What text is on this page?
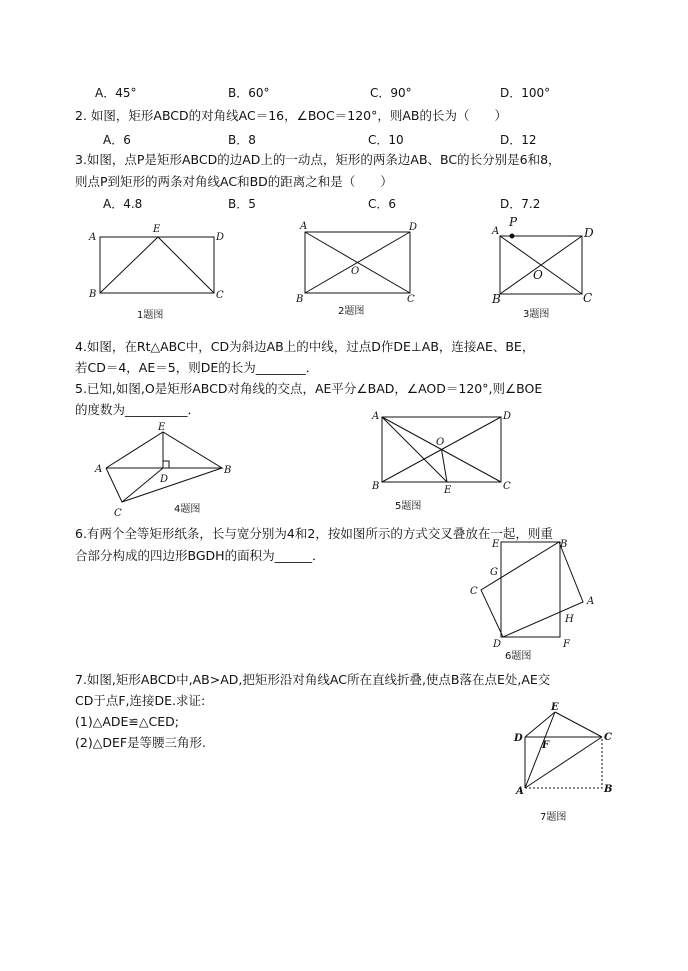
A．45°	B．60°	C．90°	D．100°
2. 如图，矩形ABCD的对角线AC＝16，∠BOC＝120°，则AB的长为（　　）
A．6	B．8	C．10	D．12
3.如图，点P是矩形ABCD的边AD上的一动点，矩形的两条边AB、BC的长分别是6和8，
则点P到矩形的两条对角线AC和BD的距离之和是（　　）
A．4.8	B．5	C．6	D．7.2
A
E
D
B	C
1题图
A	D
O
B	C
2题图
P
A	D
O
B	C
3题图
4.如图，在Rt△ABC中，CD为斜边AB上的中线，过点D作DE⊥AB，连接AE、BE，
若CD＝4，AE＝5，则DE的长为________．
5.已知,如图,O是矩形ABCD对角线的交点，AE平分∠BAD，∠AOD＝120°,则∠BOE
的度数为__________．
E
A	B
D
C	4题图
A	D
O
B	E	C
5题图
6.有两个全等矩形纸条，长与宽分别为4和2，按如图所示的方式交叉叠放在一起，则重
合部分构成的四边形BGDH的面积为______．
E	B
G
C
A
H
D	F
6题图
7.如图,矩形ABCD中,AB>AD,把矩形沿对角线AC所在直线折叠,使点B落在点E处,AE交
CD于点F,连接DE.求证:
(1)△ADE≌△CED;
(2)△DEF是等腰三角形.
E
D
F
C
A	B
7题图
